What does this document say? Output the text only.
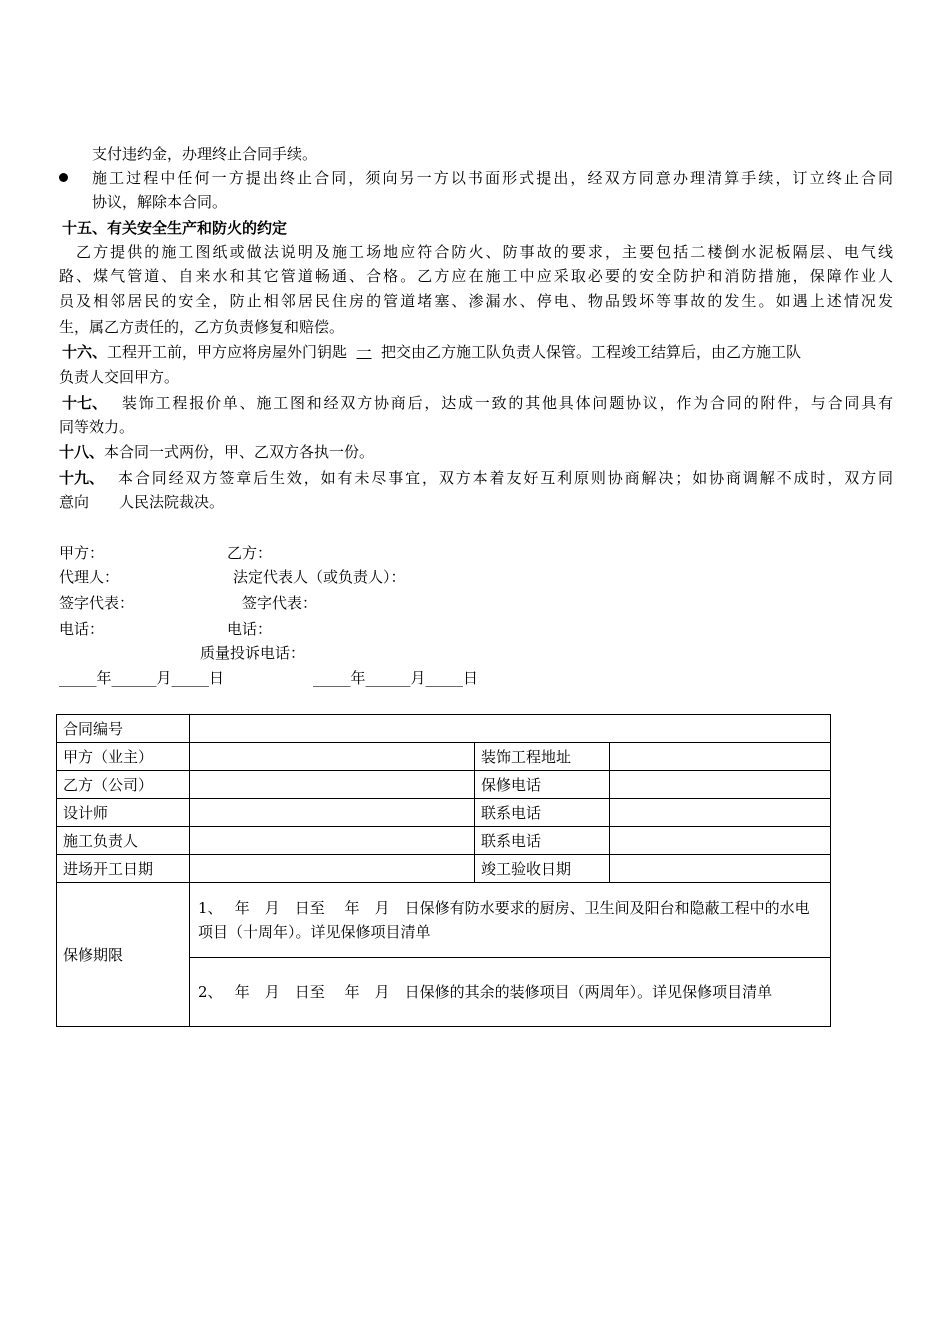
支付违约金，办理终止合同手续。
施工过程中任何一方提出终止合同，须向另一方以书面形式提出，经双方同意办理清算手续，订立终止合同
协议，解除本合同。
十五、有关安全生产和防火的约定
乙方提供的施工图纸或做法说明及施工场地应符合防火、防事故的要求，主要包括二楼倒水泥板隔层、电气线
路、煤气管道、自来水和其它管道畅通、合格。乙方应在施工中应采取必要的安全防护和消防措施，保障作业人
员及相邻居民的安全，防止相邻居民住房的管道堵塞、渗漏水、停电、物品毁坏等事故的发生。如遇上述情况发
生，属乙方责任的，乙方负责修复和赔偿。
十六、工程开工前，甲方应将房屋外门钥匙 一 把交由乙方施工队负责人保管。工程竣工结算后，由乙方施工队
负责人交回甲方。
十七、 装饰工程报价单、施工图和经双方协商后，达成一致的其他具体问题协议，作为合同的附件，与合同具有
同等效力。
十八、本合同一式两份，甲、乙双方各执一份。
十九、 本合同经双方签章后生效，如有未尽事宜，双方本着友好互利原则协商解决；如协商调解不成时，双方同
意向 人民法院裁决。
甲方：	乙方：
代理人：	法定代表人（或负责人）：
签字代表：	签字代表：
电话：	电话：
质量投诉电话：
_____年______月_____日	_____年______月_____日
合同编号			
甲方（业主）		装饰工程地址	
乙方（公司）		保修电话	
设计师		联系电话	
施工负责人		联系电话	
进场开工日期		竣工验收日期	
保修期限	1、　 年　月　日至　 年　月　日保修有防水要求的厨房、卫生间及阳台和隐蔽工程中的水电项目（十周年）。详见保修项目清单		
	2、　 年　月　日至　 年　月　日保修的其余的装修项目（两周年）。详见保修项目清单		
